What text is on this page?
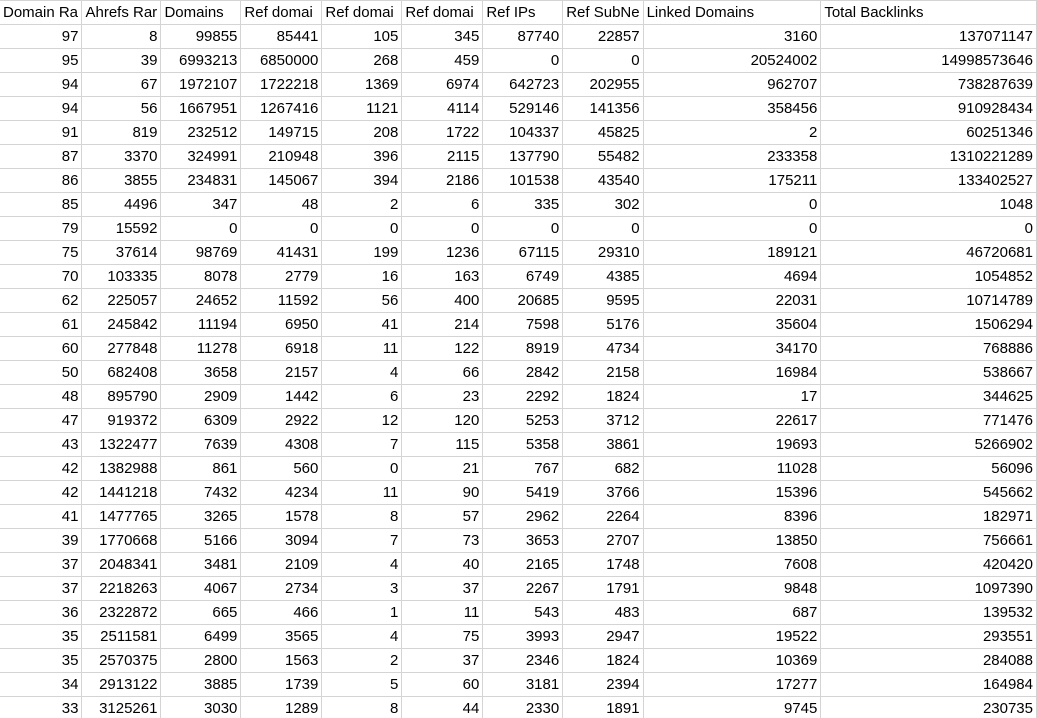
Domain Ra	Ahrefs Rar	Domains	Ref domai	Ref domai	Ref domai	Ref IPs	Ref SubNe	Linked Domains	Total Backlinks
97	8	99855	85441	105	345	87740	22857	3160	137071147
95	39	6993213	6850000	268	459	0	0	20524002	14998573646
94	67	1972107	1722218	1369	6974	642723	202955	962707	738287639
94	56	1667951	1267416	1121	4114	529146	141356	358456	910928434
91	819	232512	149715	208	1722	104337	45825	2	60251346
87	3370	324991	210948	396	2115	137790	55482	233358	1310221289
86	3855	234831	145067	394	2186	101538	43540	175211	133402527
85	4496	347	48	2	6	335	302	0	1048
79	15592	0	0	0	0	0	0	0	0
75	37614	98769	41431	199	1236	67115	29310	189121	46720681
70	103335	8078	2779	16	163	6749	4385	4694	1054852
62	225057	24652	11592	56	400	20685	9595	22031	10714789
61	245842	11194	6950	41	214	7598	5176	35604	1506294
60	277848	11278	6918	11	122	8919	4734	34170	768886
50	682408	3658	2157	4	66	2842	2158	16984	538667
48	895790	2909	1442	6	23	2292	1824	17	344625
47	919372	6309	2922	12	120	5253	3712	22617	771476
43	1322477	7639	4308	7	115	5358	3861	19693	5266902
42	1382988	861	560	0	21	767	682	11028	56096
42	1441218	7432	4234	11	90	5419	3766	15396	545662
41	1477765	3265	1578	8	57	2962	2264	8396	182971
39	1770668	5166	3094	7	73	3653	2707	13850	756661
37	2048341	3481	2109	4	40	2165	1748	7608	420420
37	2218263	4067	2734	3	37	2267	1791	9848	1097390
36	2322872	665	466	1	11	543	483	687	139532
35	2511581	6499	3565	4	75	3993	2947	19522	293551
35	2570375	2800	1563	2	37	2346	1824	10369	284088
34	2913122	3885	1739	5	60	3181	2394	17277	164984
33	3125261	3030	1289	8	44	2330	1891	9745	230735
